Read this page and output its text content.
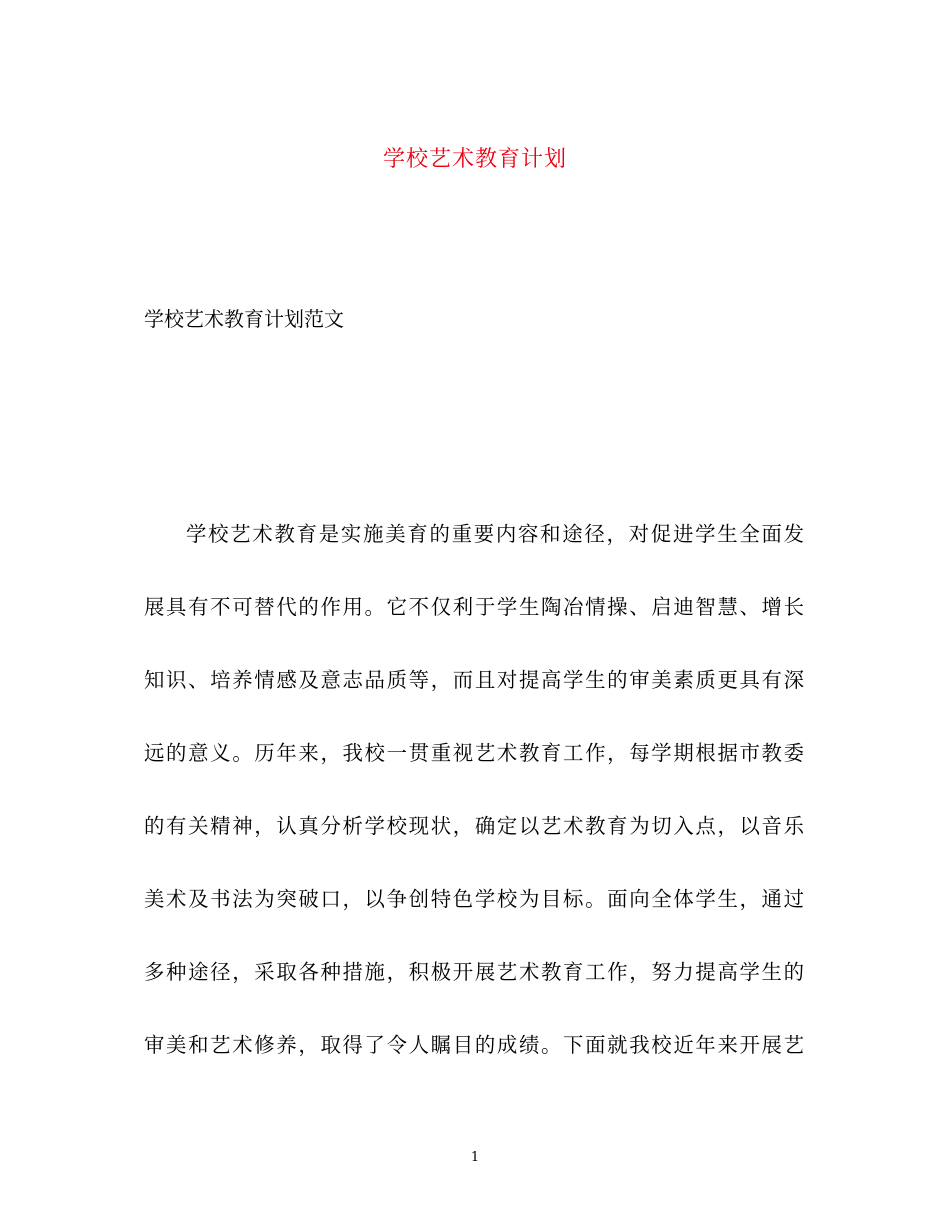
学校艺术教育计划
学校艺术教育计划范文
学校艺术教育是实施美育的重要内容和途径，对促进学生全面发
展具有不可替代的作用。它不仅利于学生陶冶情操、启迪智慧、增长
知识、培养情感及意志品质等，而且对提高学生的审美素质更具有深
远的意义。历年来，我校一贯重视艺术教育工作，每学期根据市教委
的有关精神，认真分析学校现状，确定以艺术教育为切入点，以音乐
美术及书法为突破口，以争创特色学校为目标。面向全体学生，通过
多种途径，采取各种措施，积极开展艺术教育工作，努力提高学生的
审美和艺术修养，取得了令人瞩目的成绩。下面就我校近年来开展艺
1
